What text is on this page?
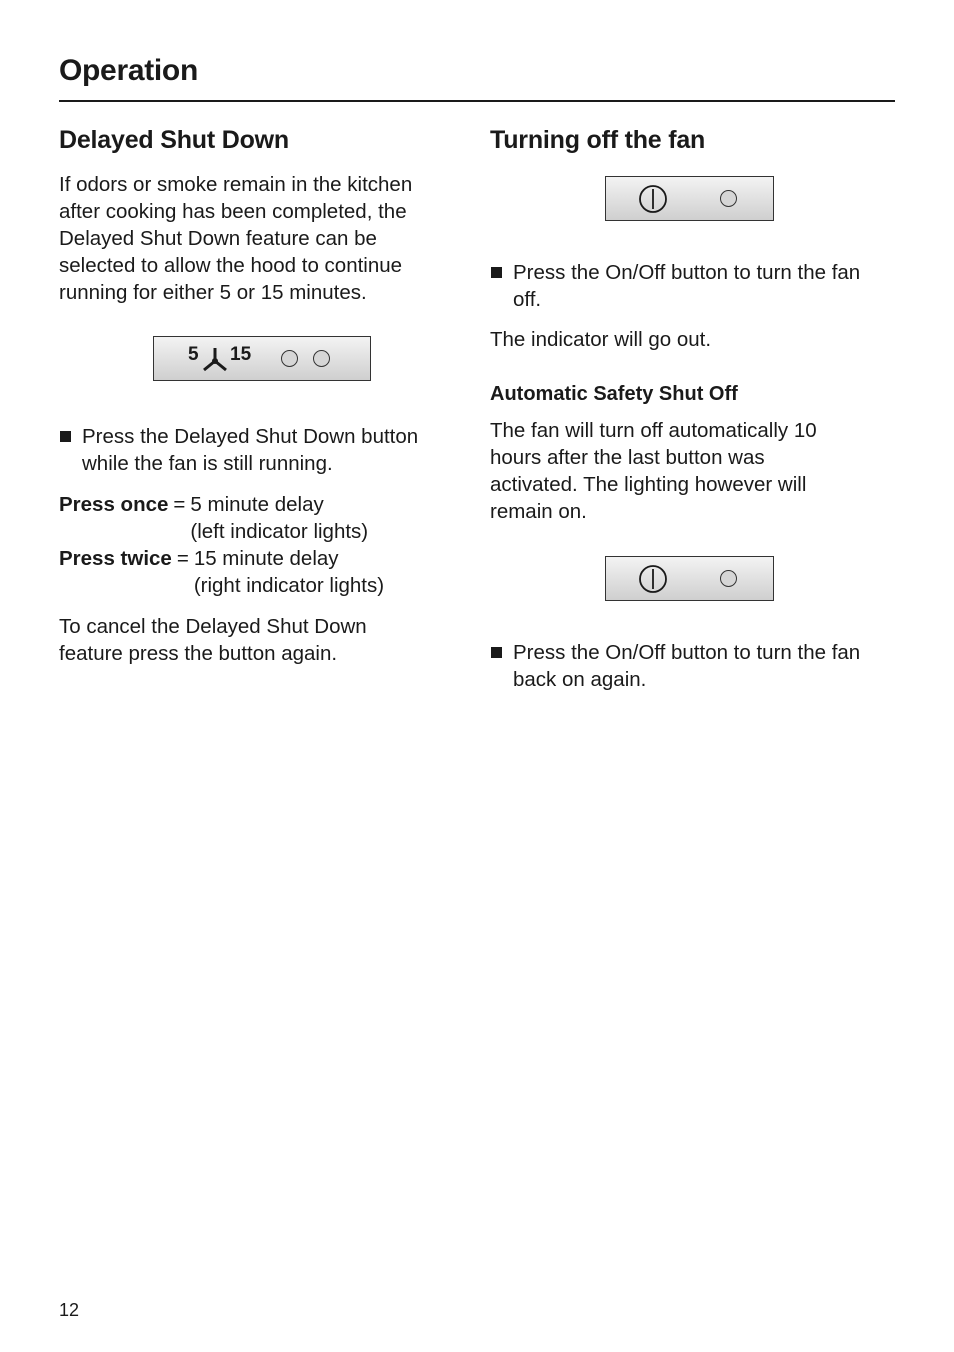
Operation
Delayed Shut Down

If odors or smoke remain in the kitchen after cooking has been completed, the Delayed Shut Down feature can be selected to allow the hood to continue running for either 5 or 15 minutes.

5 15
Press the Delayed Shut Down button while the fan is still running.
Press once = 5 minute delay
(left indicator lights)
Press twice = 15 minute delay
(right indicator lights)

To cancel the Delayed Shut Down feature press the button again.

Turning off the fan
Press the On/Off button to turn the fan off.

The indicator will go out.

Automatic Safety Shut Off

The fan will turn off automatically 10 hours after the last button was activated. The lighting however will remain on.

Press the On/Off button to turn the fan back on again.
12
